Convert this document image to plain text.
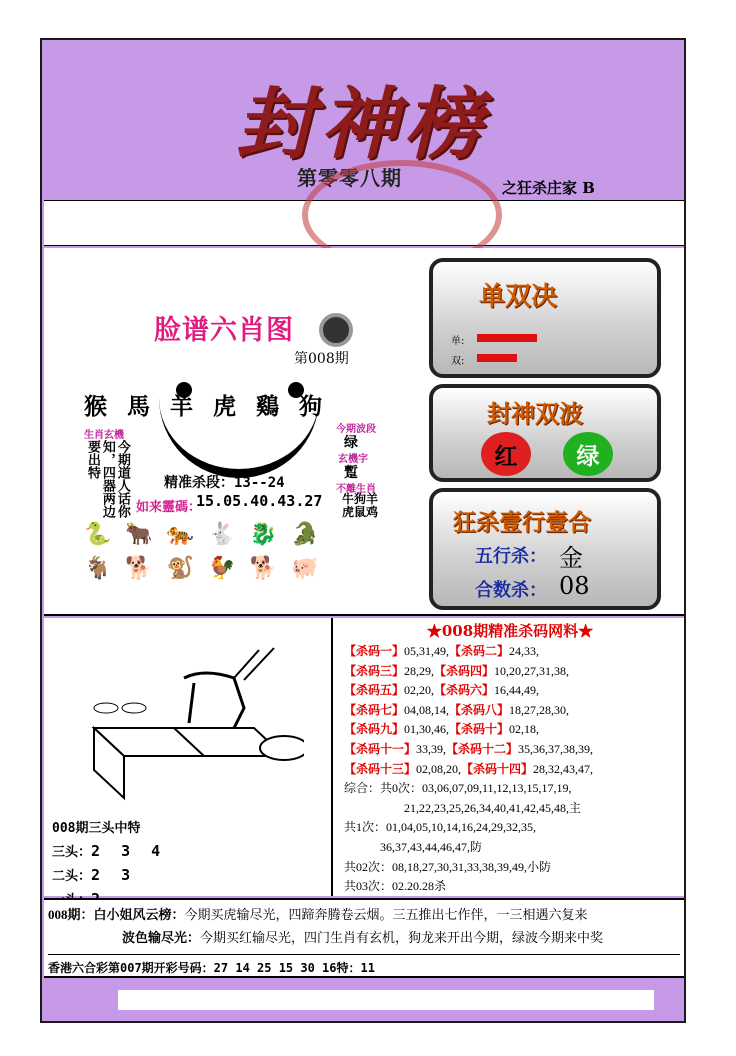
封神榜
第零零八期	之狂杀庄家 B
脸谱六肖图
第008期
猴 馬 羊 虎 鷄 狗
生肖玄機
今期道人话你知，四器两边要出特
今期波段
绿
玄機字
蹔
不離生肖
牛狗羊虎鼠鸡
精准杀段：13--24
如来靈碼：
15.05.40.43.27
🐍🐂🐅🐇🐉🐊
🐐🐕🐒🐓🐕🐖
单双决
单:
双:
封神双波
红	绿
狂杀壹行壹合
五行杀： 金
合数杀： 08
008期三头中特
三头：2 3 4
二头：2 3
★008期精准杀码网料★
【杀码一】05,31,49,【杀码二】24,33,
【杀码三】28,29,【杀码四】10,20,27,31,38,
【杀码五】02,20,【杀码六】16,44,49,
【杀码七】04,08,14,【杀码八】18,27,28,30,
【杀码九】01,30,46,【杀码十】02,18,
【杀码十一】33,39,【杀码十二】35,36,37,38,39,
【杀码十三】02,08,20,【杀码十四】28,32,43,47,
综合：共0次：03,06,07,09,11,12,13,15,17,19,
　　　　　21,22,23,25,26,34,40,41,42,45,48,主
共1次：01,04,05,10,14,16,24,29,32,35,
　　　36,37,43,44,46,47,防
共02次：08,18,27,30,31,33,38,39,49,小防
共03次：02.20.28杀
008期：白小姐风云榜：今期买虎输尽光，四蹄奔腾卷云烟。三五推出七作伴，一三相遇六复来
波色输尽光：今期买红输尽光，四门生肖有玄机，狗龙来开出今期，绿波今期来中奖
香港六合彩第007期开彩号码：27 14 25 15 30 16特：11
